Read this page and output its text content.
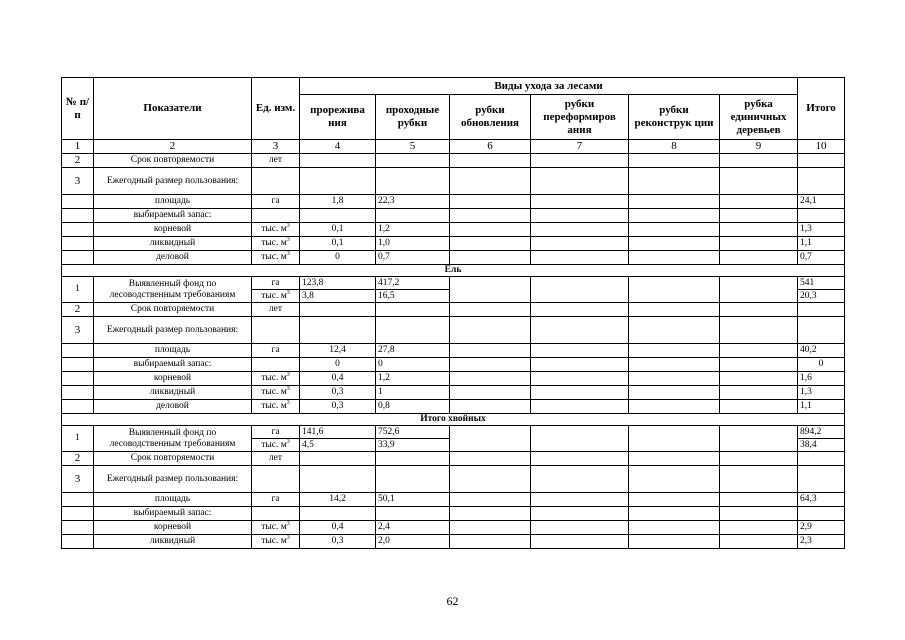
№ п/ п	Показатели	Ед. изм.	Виды ухода за лесами						Итого
			прорежива ния	проходные рубки	рубки обновления	рубки переформиров ания	рубки реконструк ции	рубка единичных деревьев	
1	2	3	4	5	6	7	8	9	10
2	Срок повторяемости	лет							
3	Ежегодный размер пользования:								
	площадь	га	1,8	22,3					24,1
	выбираемый запас:								
	корневой	тыс. $м^3$	0,1	1,2					1,3
	ликвидный	тыс. $м^3$	0,1	1,0					1,1
	деловой	тыс. $м^3$	0	0,7					0,7
Ель									
1	Выявленный фонд по лесоводственным требованиям	га	123,8	417,2					541
		тыс. $м^3$	3,8	16,5					20,3
2	Срок повторяемости	лет							
3	Ежегодный размер пользования:								
	площадь	га	12,4	27,8					40,2
	выбираемый запас:		0	0					0
	корневой	тыс. $м^3$	0,4	1,2					1,6
	ликвидный	тыс. $м^3$	0,3	1					1,3
	деловой	тыс. $м^3$	0,3	0,8					1,1
Итого хвойных									
1	Выявленный фонд по лесоводственным требованиям	га	141,6	752,6					894,2
		тыс. $м^3$	4,5	33,9					38,4
2	Срок повторяемости	лет							
3	Ежегодный размер пользования:								
	площадь	га	14,2	50,1					64,3
	выбираемый запас:								
	корневой	тыс. $м^3$	0,4	2,4					2,9
	ликвидный	тыс. $м^3$	0,3	2,0					2,3
62
